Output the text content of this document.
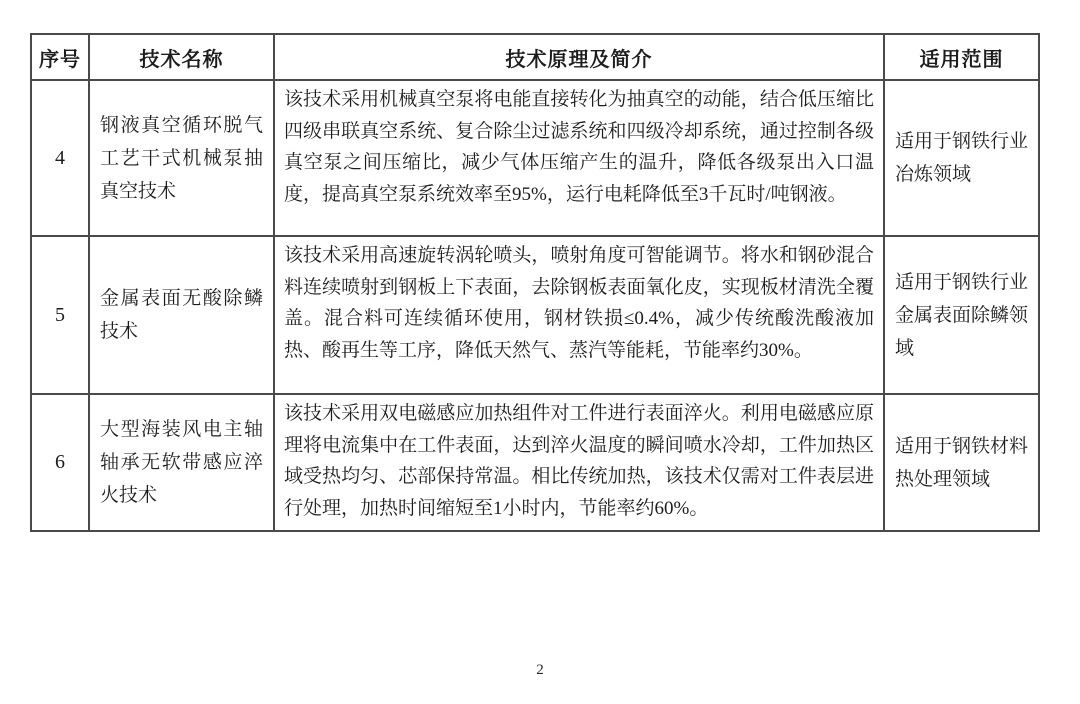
序号	技术名称	技术原理及简介	适用范围
4	钢液真空循环脱气工艺干式机械泵抽真空技术	该技术采用机械真空泵将电能直接转化为抽真空的动能，结合低压缩比四级串联真空系统、复合除尘过滤系统和四级冷却系统，通过控制各级真空泵之间压缩比，减少气体压缩产生的温升，降低各级泵出入口温度，提高真空泵系统效率至95%，运行电耗降低至3千瓦时/吨钢液。	适用于钢铁行业冶炼领域
5	金属表面无酸除鳞技术	该技术采用高速旋转涡轮喷头，喷射角度可智能调节。将水和钢砂混合料连续喷射到钢板上下表面，去除钢板表面氧化皮，实现板材清洗全覆盖。混合料可连续循环使用，钢材铁损≤0.4%，减少传统酸洗酸液加热、酸再生等工序，降低天然气、蒸汽等能耗，节能率约30%。	适用于钢铁行业金属表面除鳞领域
6	大型海装风电主轴轴承无软带感应淬火技术	该技术采用双电磁感应加热组件对工件进行表面淬火。利用电磁感应原理将电流集中在工件表面，达到淬火温度的瞬间喷水冷却，工件加热区域受热均匀、芯部保持常温。相比传统加热，该技术仅需对工件表层进行处理，加热时间缩短至1小时内，节能率约60%。	适用于钢铁材料热处理领域
2
